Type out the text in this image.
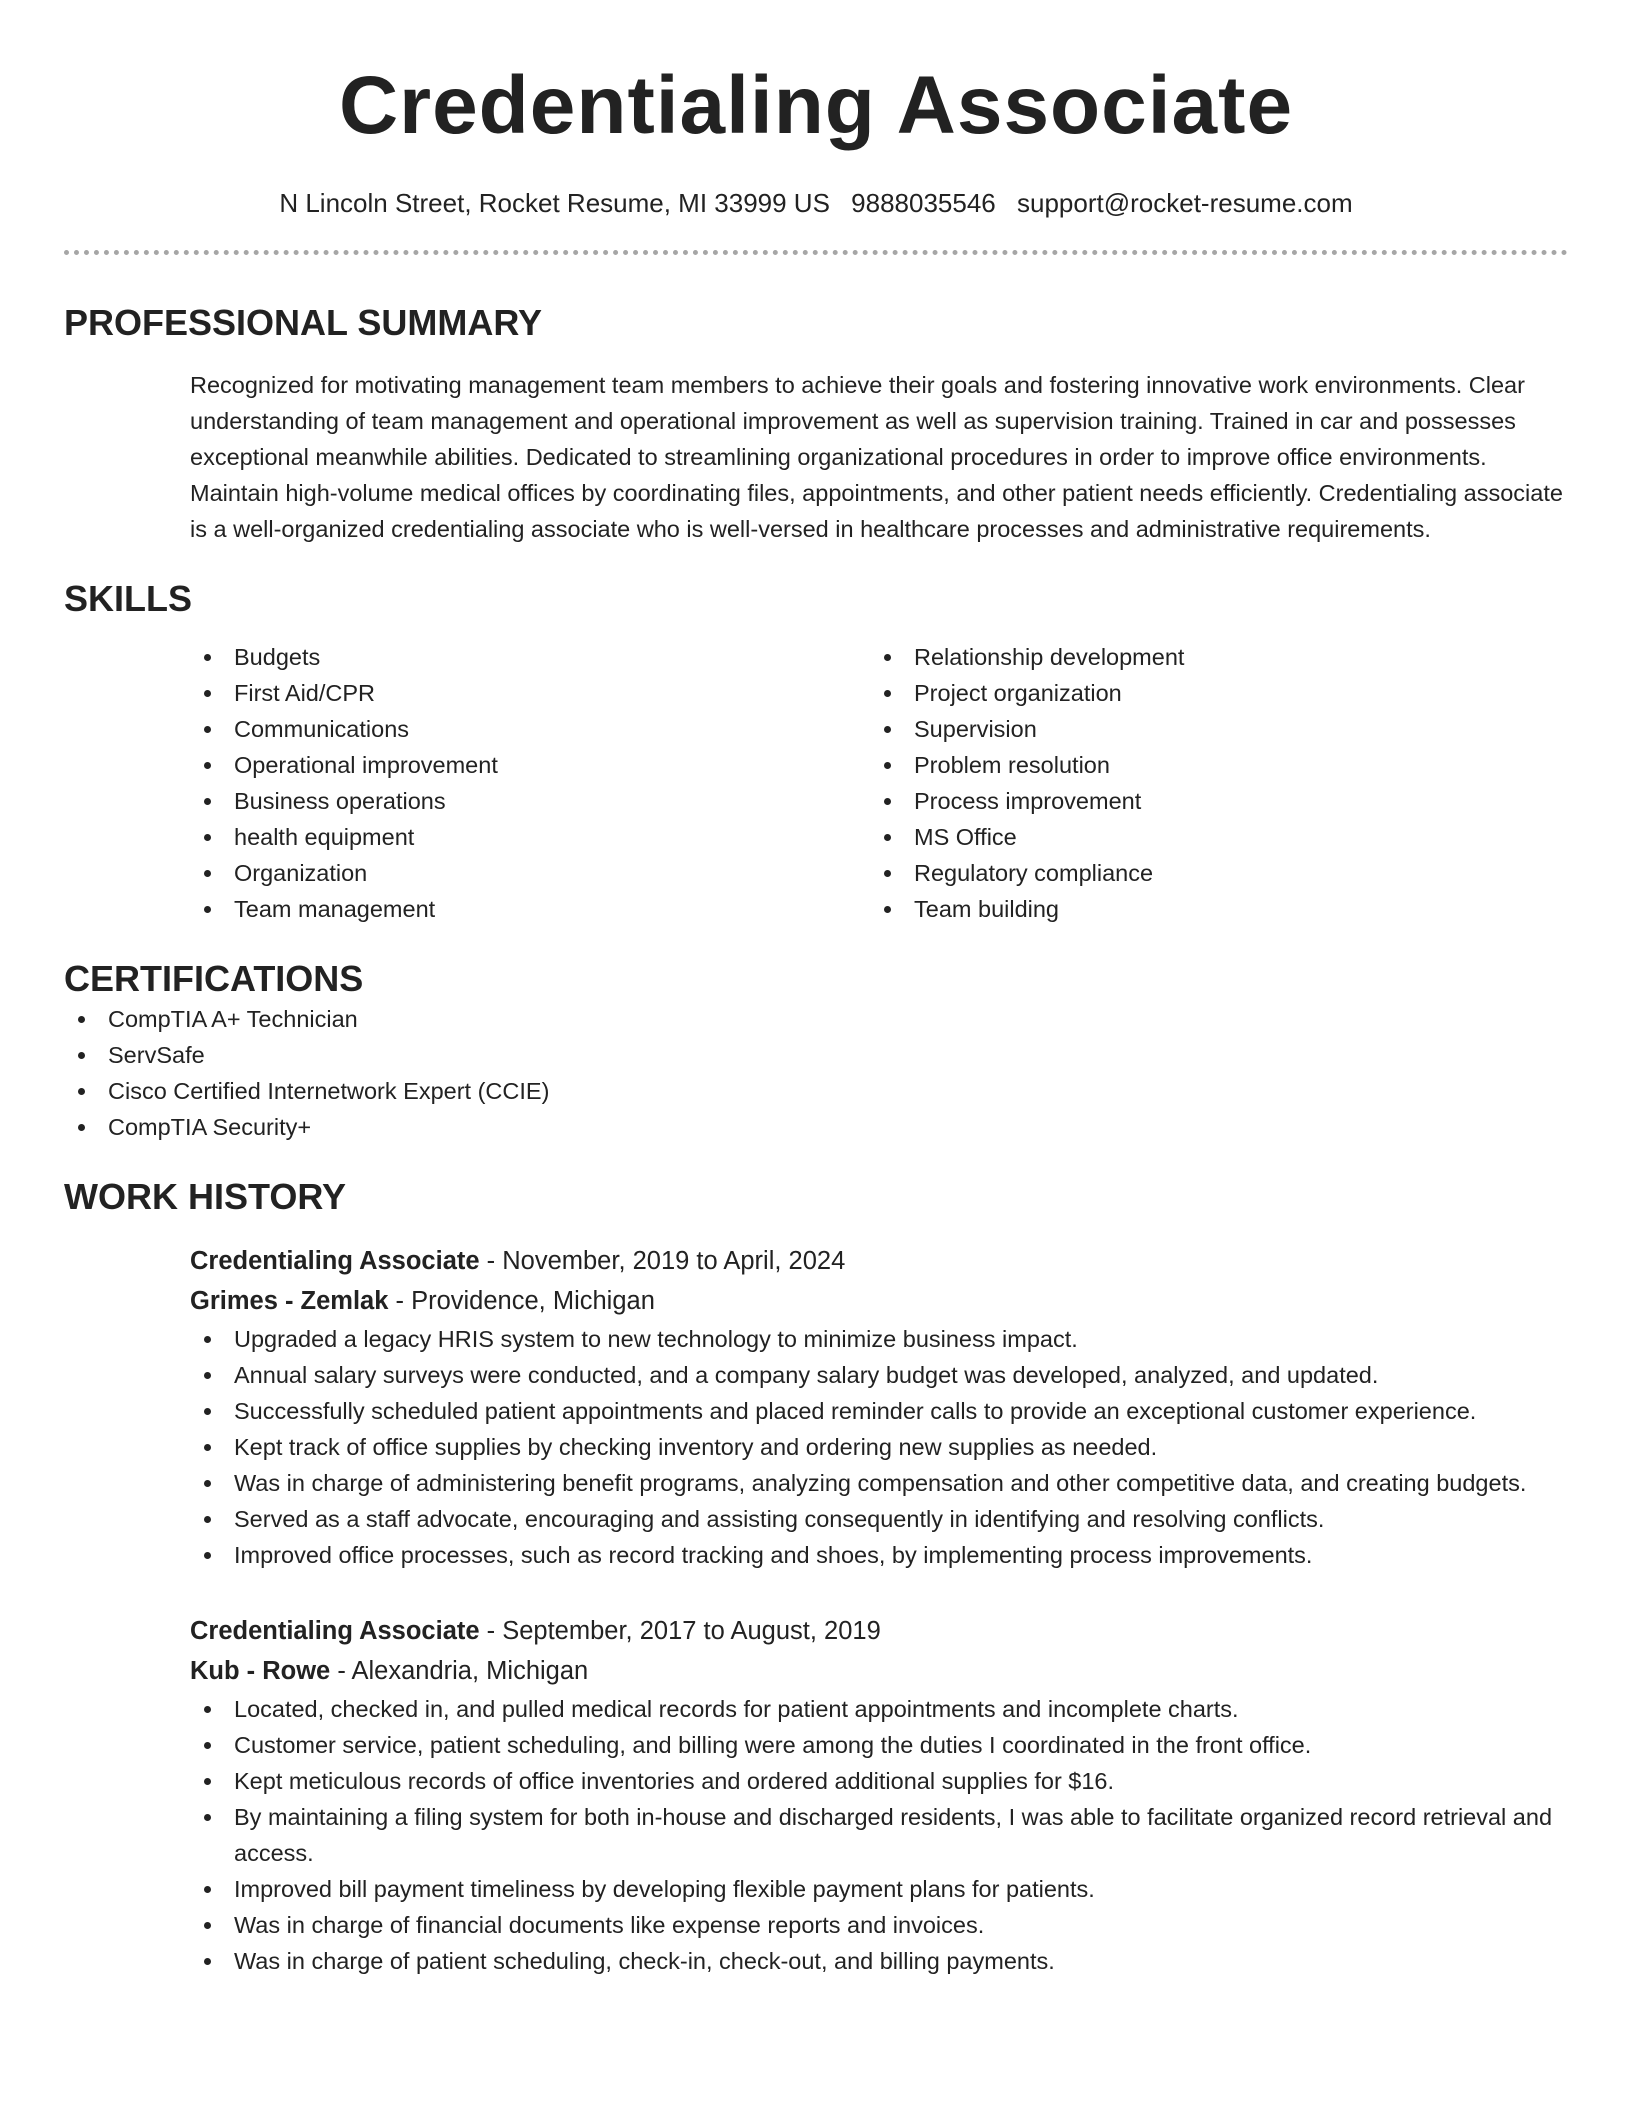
Credentialing Associate
N Lincoln Street, Rocket Resume, MI 33999 US 9888035546 support@rocket-resume.com
PROFESSIONAL SUMMARY

Recognized for motivating management team members to achieve their goals and fostering innovative work environments. Clear understanding of team management and operational improvement as well as supervision training. Trained in car and possesses exceptional meanwhile abilities. Dedicated to streamlining organizational procedures in order to improve office environments. Maintain high-volume medical offices by coordinating files, appointments, and other patient needs efficiently. Credentialing associate is a well-organized credentialing associate who is well-versed in healthcare processes and administrative requirements.

SKILLS
Budgets
First Aid/CPR
Communications
Operational improvement
Business operations
health equipment
Organization
Team management
Relationship development
Project organization
Supervision
Problem resolution
Process improvement
MS Office
Regulatory compliance
Team building
CERTIFICATIONS
CompTIA A+ Technician
ServSafe
Cisco Certified Internetwork Expert (CCIE)
CompTIA Security+
WORK HISTORY
Credentialing Associate - November, 2019 to April, 2024
Grimes - Zemlak - Providence, Michigan
Upgraded a legacy HRIS system to new technology to minimize business impact.
Annual salary surveys were conducted, and a company salary budget was developed, analyzed, and updated.
Successfully scheduled patient appointments and placed reminder calls to provide an exceptional customer experience.
Kept track of office supplies by checking inventory and ordering new supplies as needed.
Was in charge of administering benefit programs, analyzing compensation and other competitive data, and creating budgets.
Served as a staff advocate, encouraging and assisting consequently in identifying and resolving conflicts.
Improved office processes, such as record tracking and shoes, by implementing process improvements.
Credentialing Associate - September, 2017 to August, 2019
Kub - Rowe - Alexandria, Michigan
Located, checked in, and pulled medical records for patient appointments and incomplete charts.
Customer service, patient scheduling, and billing were among the duties I coordinated in the front office.
Kept meticulous records of office inventories and ordered additional supplies for $16.
By maintaining a filing system for both in-house and discharged residents, I was able to facilitate organized record retrieval and access.
Improved bill payment timeliness by developing flexible payment plans for patients.
Was in charge of financial documents like expense reports and invoices.
Was in charge of patient scheduling, check-in, check-out, and billing payments.
